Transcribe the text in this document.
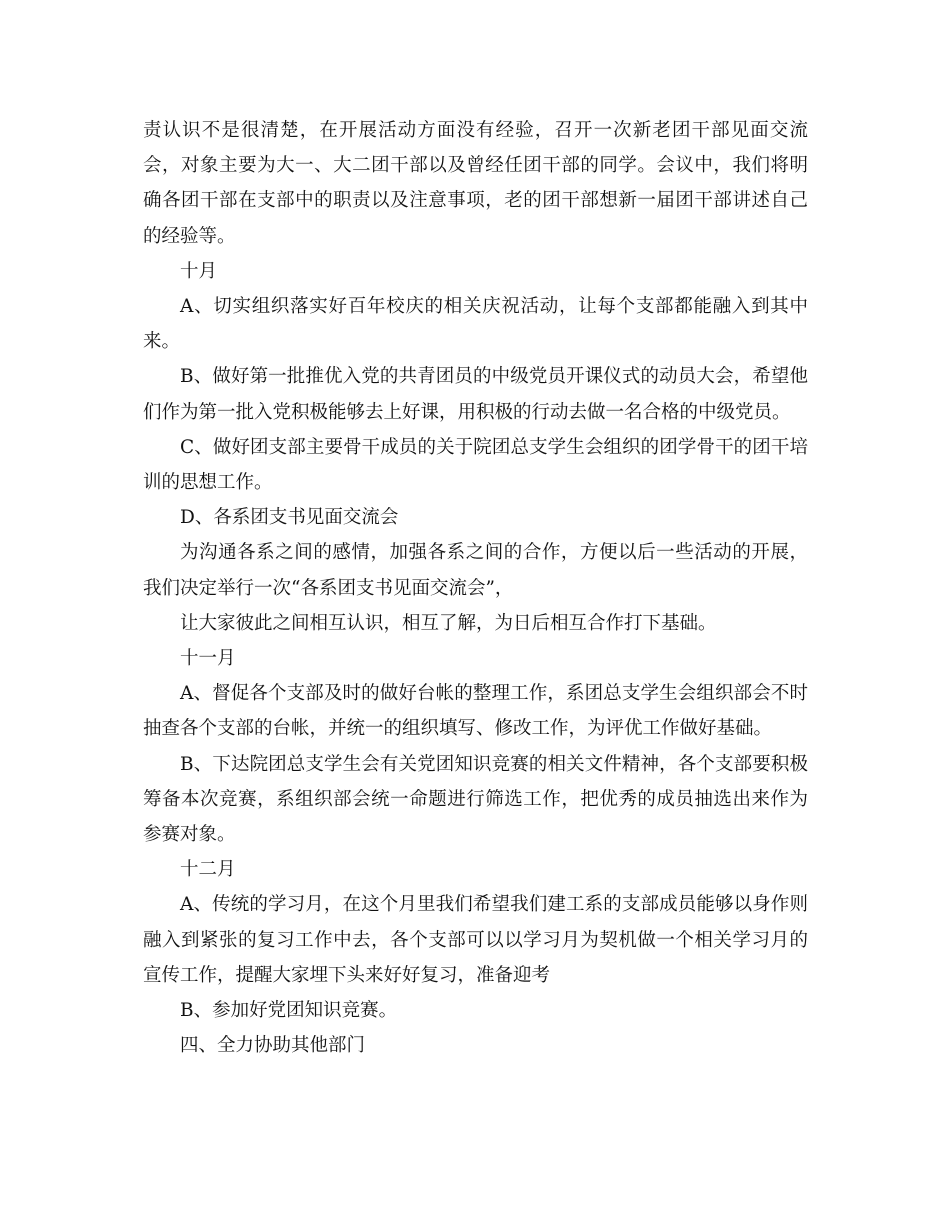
责认识不是很清楚，在开展活动方面没有经验，召开一次新老团干部见面交流会，对象主要为大一、大二团干部以及曾经任团干部的同学。会议中，我们将明确各团干部在支部中的职责以及注意事项，老的团干部想新一届团干部讲述自己的经验等。

十月

A、切实组织落实好百年校庆的相关庆祝活动，让每个支部都能融入到其中来。

B、做好第一批推优入党的共青团员的中级党员开课仪式的动员大会，希望他们作为第一批入党积极能够去上好课，用积极的行动去做一名合格的中级党员。

C、做好团支部主要骨干成员的关于院团总支学生会组织的团学骨干的团干培训的思想工作。

D、各系团支书见面交流会

为沟通各系之间的感情，加强各系之间的合作，方便以后一些活动的开展，我们决定举行一次“各系团支书见面交流会”，

让大家彼此之间相互认识，相互了解，为日后相互合作打下基础。

十一月

A、督促各个支部及时的做好台帐的整理工作，系团总支学生会组织部会不时抽查各个支部的台帐，并统一的组织填写、修改工作，为评优工作做好基础。

B、下达院团总支学生会有关党团知识竞赛的相关文件精神，各个支部要积极筹备本次竞赛，系组织部会统一命题进行筛选工作，把优秀的成员抽选出来作为参赛对象。

十二月

A、传统的学习月，在这个月里我们希望我们建工系的支部成员能够以身作则融入到紧张的复习工作中去，各个支部可以以学习月为契机做一个相关学习月的宣传工作，提醒大家埋下头来好好复习，准备迎考

B、参加好党团知识竞赛。

四、全力协助其他部门
